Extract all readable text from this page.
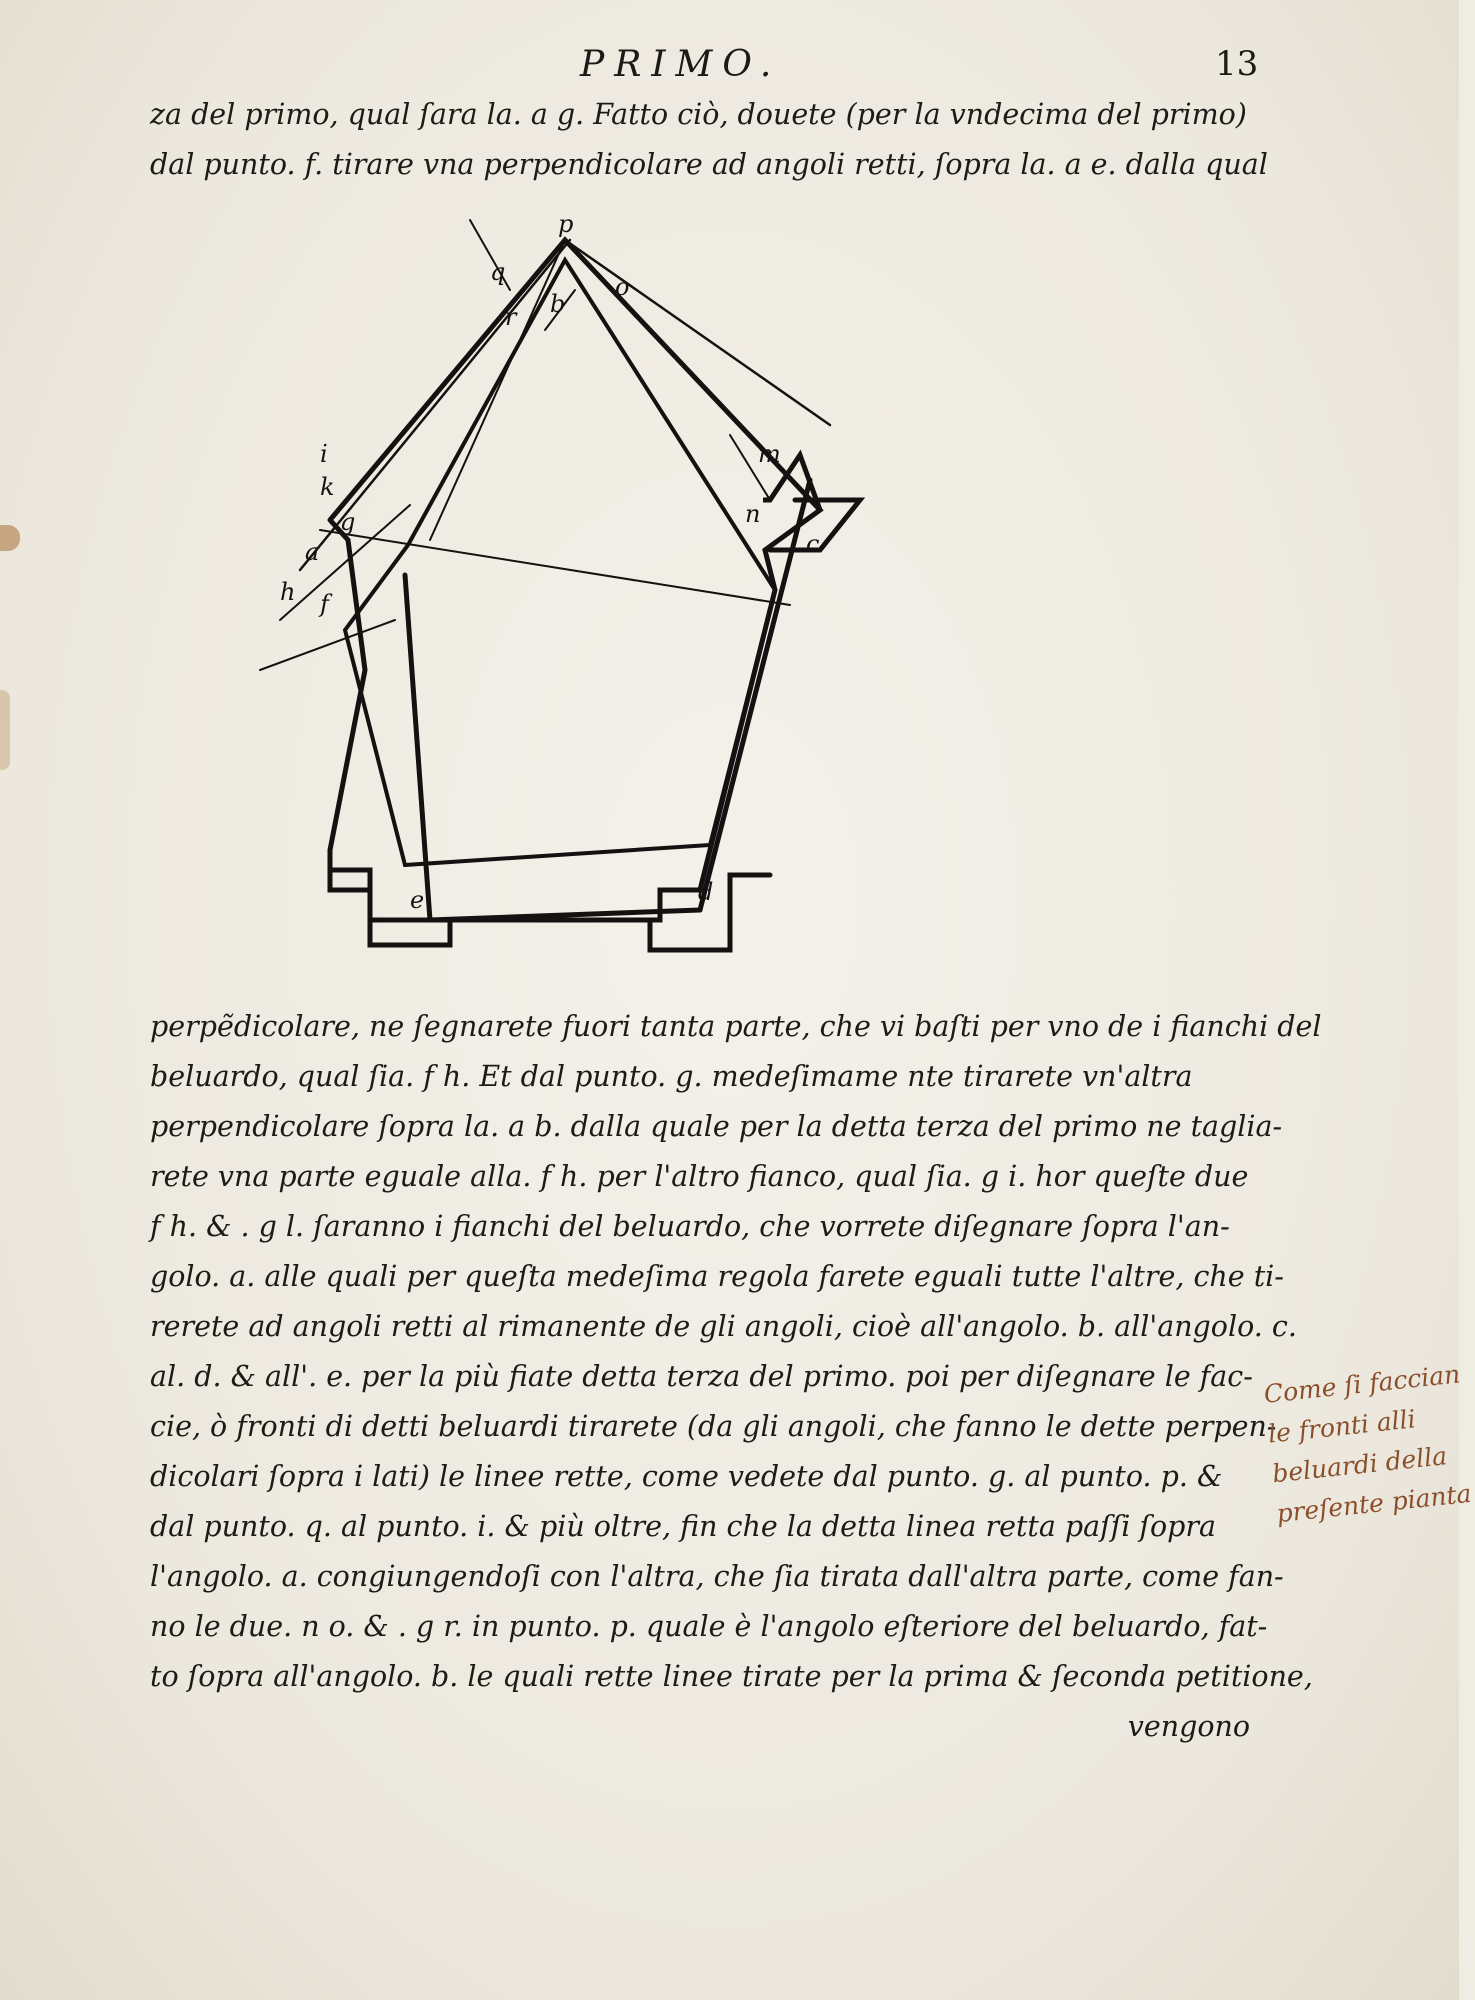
PRIMO.	13
za del primo, qual ſara la. a g. Fatto ciò, douete (per la vndecima del primo)
dal punto. f. tirare vna perpendicolare ad angoli retti, ſopra la. a e. dalla qual
p
b
q
r
o
i
k
g
a
h f
m
n
c
e	d
perpẽdicolare, ne ſegnarete fuori tanta parte, che vi baſti per vno de i fianchi del
beluardo, qual ſia. f h. Et dal punto. g. medeſimame nte tirarete vn'altra
perpendicolare ſopra la. a b. dalla quale per la detta terza del primo ne taglia-
rete vna parte eguale alla. f h. per l'altro fianco, qual ſia. g i. hor queſte due
f h. & . g l. ſaranno i fianchi del beluardo, che vorrete diſegnare ſopra l'an-
golo. a. alle quali per queſta medeſima regola farete eguali tutte l'altre, che ti-
rerete ad angoli retti al rimanente de gli angoli, cioè all'angolo. b. all'angolo. c.
al. d. & all'. e. per la più fiate detta terza del primo. poi per diſegnare le fac-
cie, ò fronti di detti beluardi tirarete (da gli angoli, che fanno le dette perpen-
dicolari ſopra i lati) le linee rette, come vedete dal punto. g. al punto. p. &
dal punto. q. al punto. i. & più oltre, fin che la detta linea retta paſſi ſopra
l'angolo. a. congiungendoſi con l'altra, che ſia tirata dall'altra parte, come fan-
no le due. n o. & . g r. in punto. p. quale è l'angolo eſteriore del beluardo, fat-
to ſopra all'angolo. b. le quali rette linee tirate per la prima & ſeconda petitione,
vengono
Come ſi faccian
le fronti alli
beluardi della
preſente pianta
